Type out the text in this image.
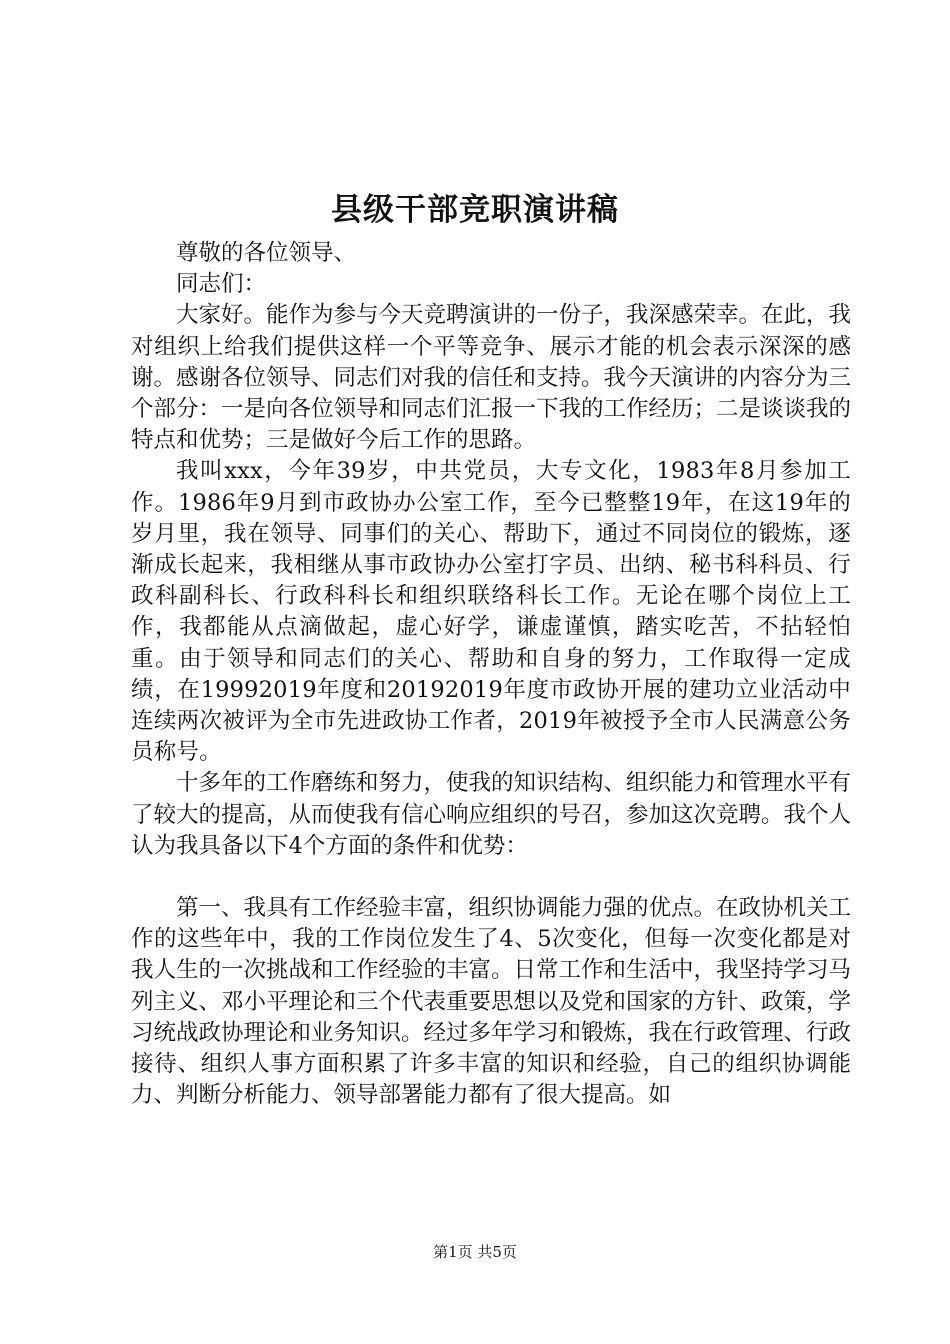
县级干部竞职演讲稿

尊敬的各位领导、

同志们：

大家好。能作为参与今天竞聘演讲的一份子，我深感荣幸。在此，我对组织上给我们提供这样一个平等竞争、展示才能的机会表示深深的感谢。感谢各位领导、同志们对我的信任和支持。我今天演讲的内容分为三个部分：一是向各位领导和同志们汇报一下我的工作经历；二是谈谈我的特点和优势；三是做好今后工作的思路。

我叫xxx，今年39岁，中共党员，大专文化，1983年8月参加工作。1986年9月到市政协办公室工作，至今已整整19年，在这19年的岁月里，我在领导、同事们的关心、帮助下，通过不同岗位的锻炼，逐渐成长起来，我相继从事市政协办公室打字员、出纳、秘书科科员、行政科副科长、行政科科长和组织联络科长工作。无论在哪个岗位上工作，我都能从点滴做起，虚心好学，谦虚谨慎，踏实吃苦，不拈轻怕重。由于领导和同志们的关心、帮助和自身的努力，工作取得一定成绩，在19992019年度和20192019年度市政协开展的建功立业活动中连续两次被评为全市先进政协工作者，2019年被授予全市人民满意公务员称号。

十多年的工作磨练和努力，使我的知识结构、组织能力和管理水平有了较大的提高，从而使我有信心响应组织的号召，参加这次竞聘。我个人认为我具备以下4个方面的条件和优势：

第一、我具有工作经验丰富，组织协调能力强的优点。在政协机关工作的这些年中，我的工作岗位发生了4、5次变化，但每一次变化都是对我人生的一次挑战和工作经验的丰富。日常工作和生活中，我坚持学习马列主义、邓小平理论和三个代表重要思想以及党和国家的方针、政策，学习统战政协理论和业务知识。经过多年学习和锻炼，我在行政管理、行政接待、组织人事方面积累了许多丰富的知识和经验，自己的组织协调能力、判断分析能力、领导部署能力都有了很大提高。如

第1页 共5页
